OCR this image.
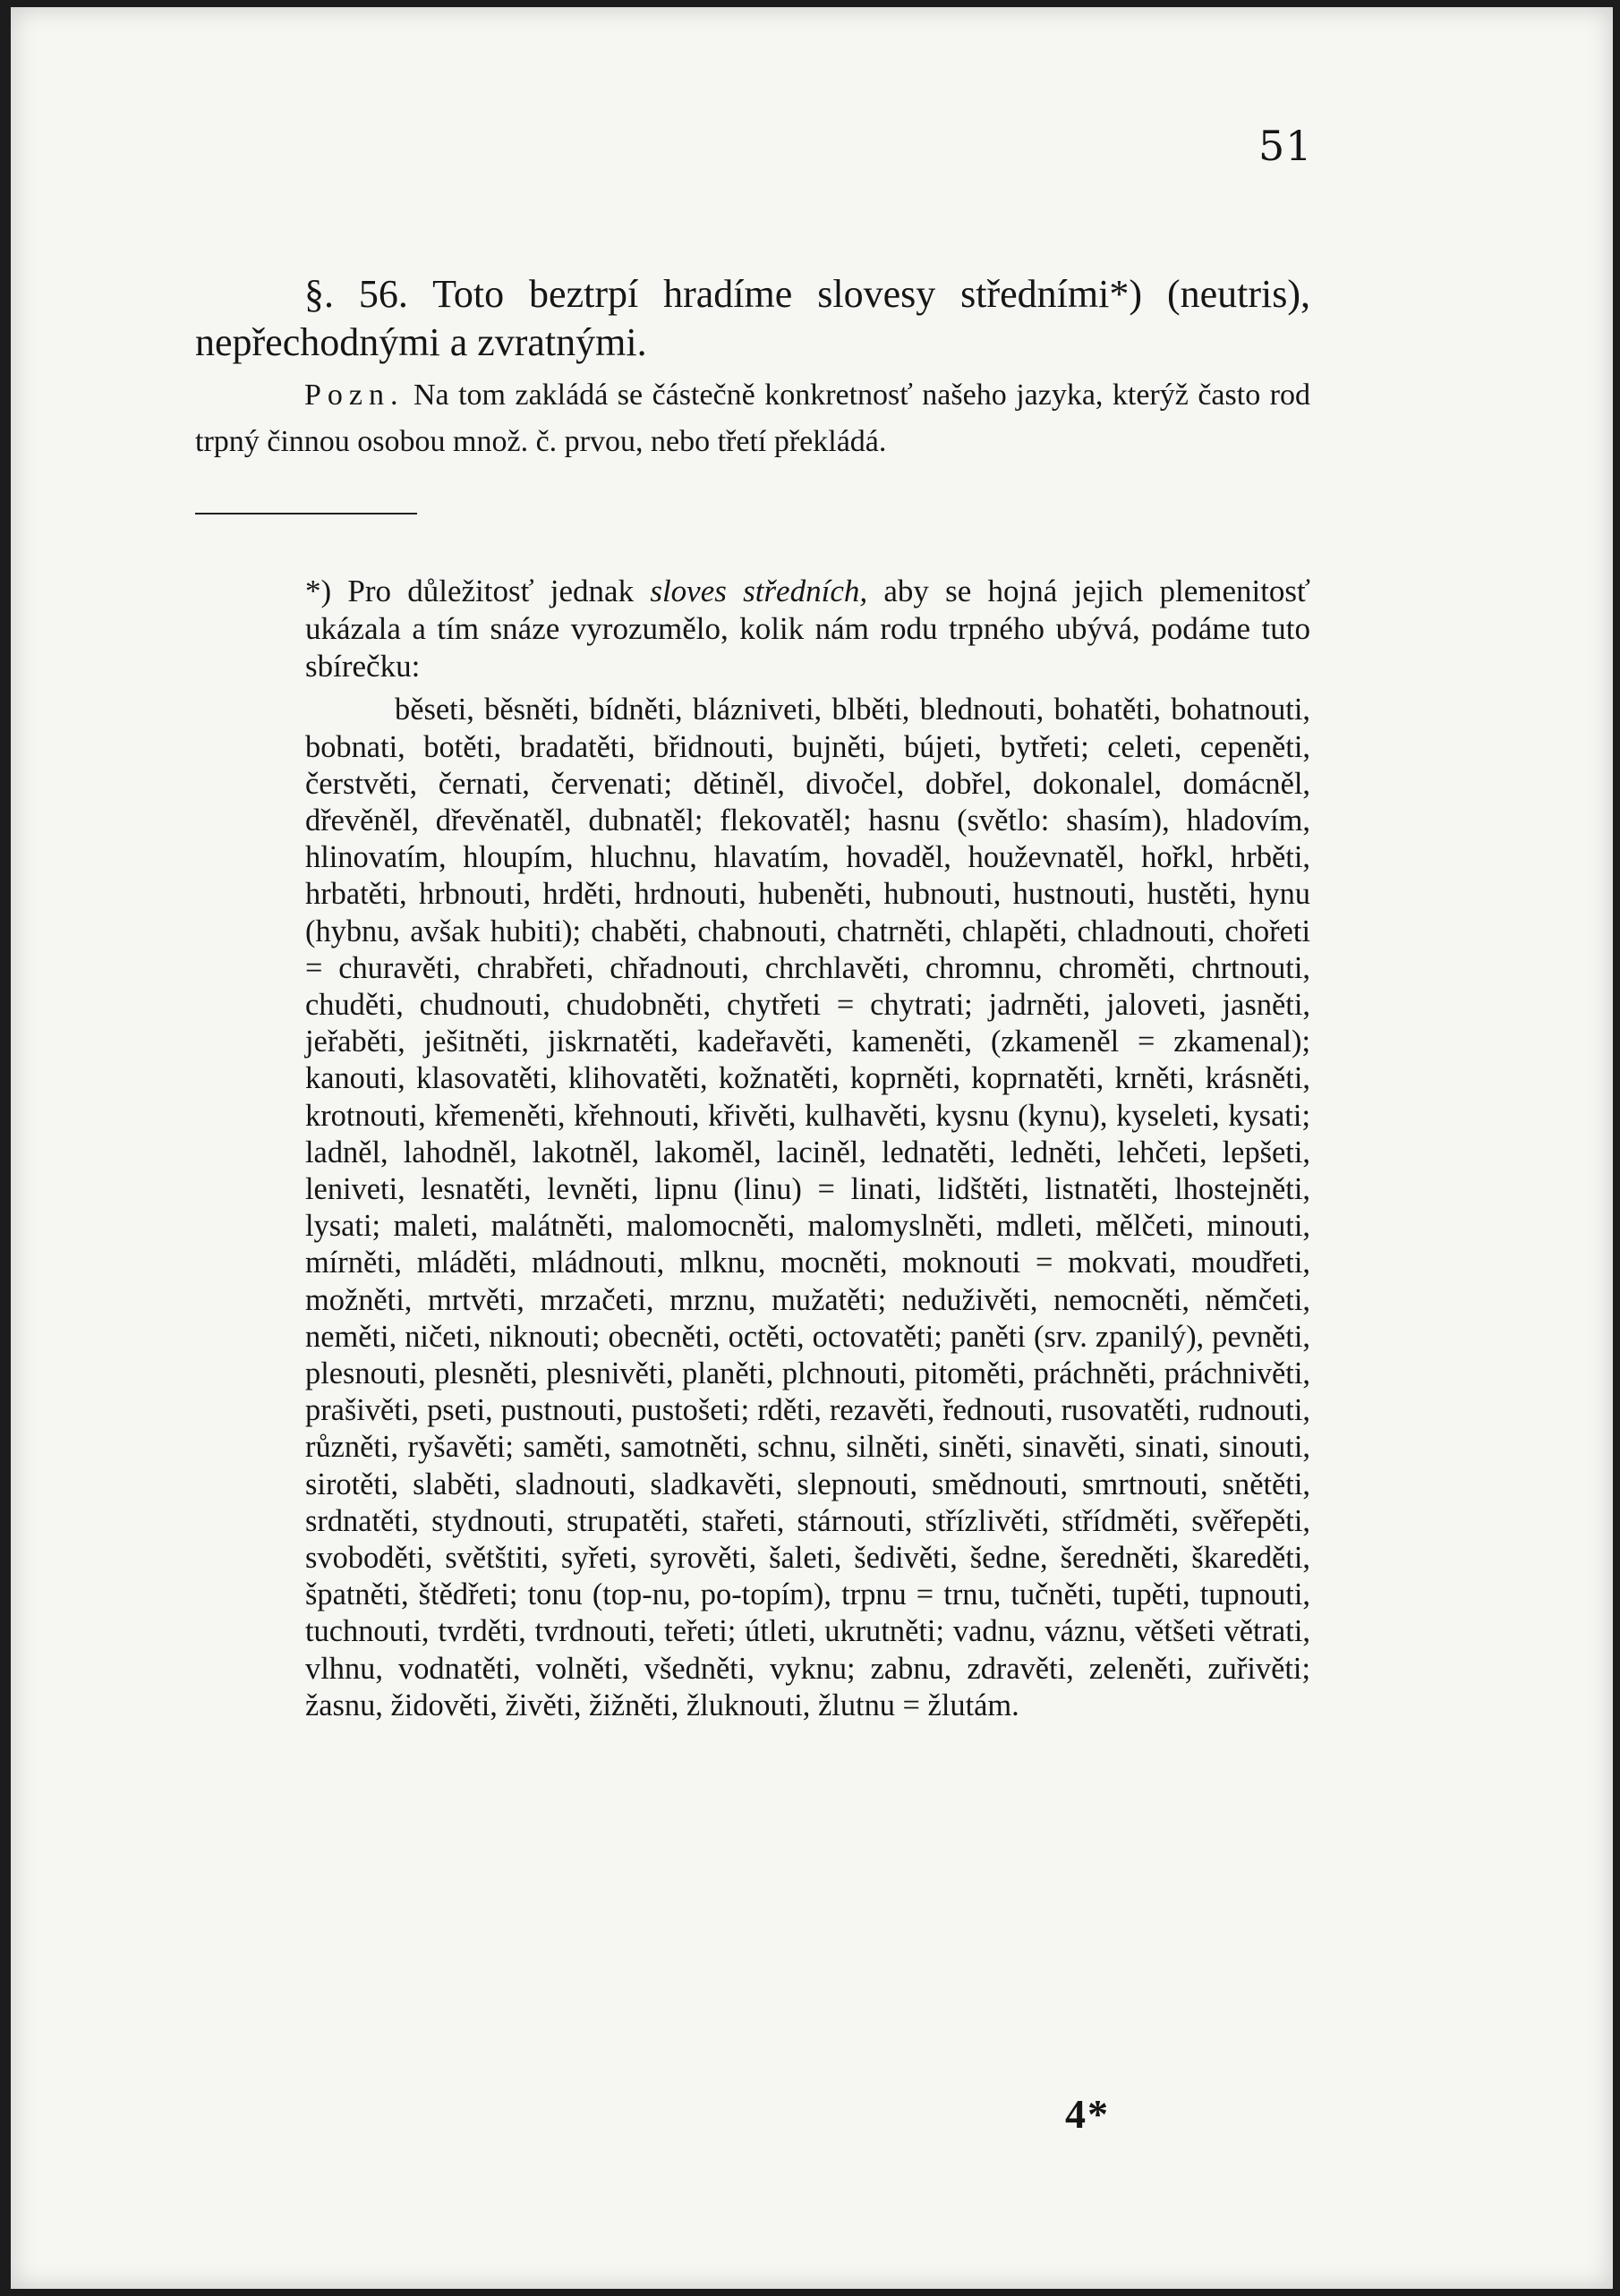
51

§. 56. Toto beztrpí hradíme slovesy středními*) (neutris), nepřechodnými a zvratnými.

Pozn. Na tom zakládá se částečně konkretnosť našeho jazyka, kterýž často rod trpný činnou osobou množ. č. prvou, nebo třetí překládá.

*) Pro důležitosť jednak sloves středních, aby se hojná jejich plemenitosť ukázala a tím snáze vyrozumělo, kolik nám rodu trpného ubývá, podáme tuto sbírečku:

běseti, běsněti, bídněti, blázniveti, blběti, blednouti, bohatěti, bohatnouti, bobnati, botěti, bradatěti, břidnouti, bujněti, bújeti, bytřeti; celeti, cepeněti, čerstvěti, černati, červenati; dětiněl, divočel, dobřel, dokonalel, domácněl, dřevěněl, dřevěnatěl, dubnatěl; flekovatěl; hasnu (světlo: shasím), hladovím, hlinovatím, hloupím, hluchnu, hlavatím, hovaděl, houževnatěl, hořkl, hrběti, hrbatěti, hrbnouti, hrděti, hrdnouti, hubeněti, hubnouti, hustnouti, hustěti, hynu (hybnu, avšak hubiti); chaběti, chabnouti, chatrněti, chlapěti, chladnouti, chořeti = churavěti, chrabřeti, chřadnouti, chrchlavěti, chromnu, chroměti, chrtnouti, chuděti, chudnouti, chudobněti, chytřeti = chytrati; jadrněti, jaloveti, jasněti, jeřaběti, ješitněti, jiskrnatěti, kadeřavěti, kameněti, (zkameněl = zkamenal); kanouti, klasovatěti, klihovatěti, kožnatěti, koprněti, koprnatěti, krněti, krásněti, krotnouti, křemeněti, křehnouti, křivěti, kulhavěti, kysnu (kynu), kyseleti, kysati; ladněl, lahodněl, lakotněl, lakoměl, laciněl, lednatěti, ledněti, lehčeti, lepšeti, leniveti, lesnatěti, levněti, lipnu (linu) = linati, lidštěti, listnatěti, lhostejněti, lysati; maleti, malátněti, malomocněti, malomyslněti, mdleti, mělčeti, minouti, mírněti, mláděti, mládnouti, mlknu, mocněti, moknouti = mokvati, moudřeti, možněti, mrtvěti, mrzačeti, mrznu, mužatěti; neduživěti, nemocněti, němčeti, neměti, ničeti, niknouti; obecněti, octěti, octovatěti; paněti (srv. zpanilý), pevněti, plesnouti, plesněti, plesnivěti, planěti, plchnouti, pitoměti, práchněti, práchnivěti, prašivěti, pseti, pustnouti, pustošeti; rděti, rezavěti, řednouti, rusovatěti, rudnouti, různěti, ryšavěti; saměti, samotněti, schnu, silněti, siněti, sinavěti, sinati, sinouti, sirotěti, slaběti, sladnouti, sladkavěti, slepnouti, smědnouti, smrtnouti, snětěti, srdnatěti, stydnouti, strupatěti, stařeti, stárnouti, střízlivěti, střídměti, svěřepěti, svoboděti, světštiti, syřeti, syrověti, šaleti, šedivěti, šedne, šeredněti, škareděti, špatněti, štědřeti; tonu (top-nu, po-topím), trpnu = trnu, tučněti, tupěti, tupnouti, tuchnouti, tvrděti, tvrdnouti, teřeti; útleti, ukrutněti; vadnu, váznu, většeti větrati, vlhnu, vodnatěti, volněti, všedněti, vyknu; zabnu, zdravěti, zeleněti, zuřivěti; žasnu, židověti, živěti, žižněti, žluknouti, žlutnu = žlutám.

4*
